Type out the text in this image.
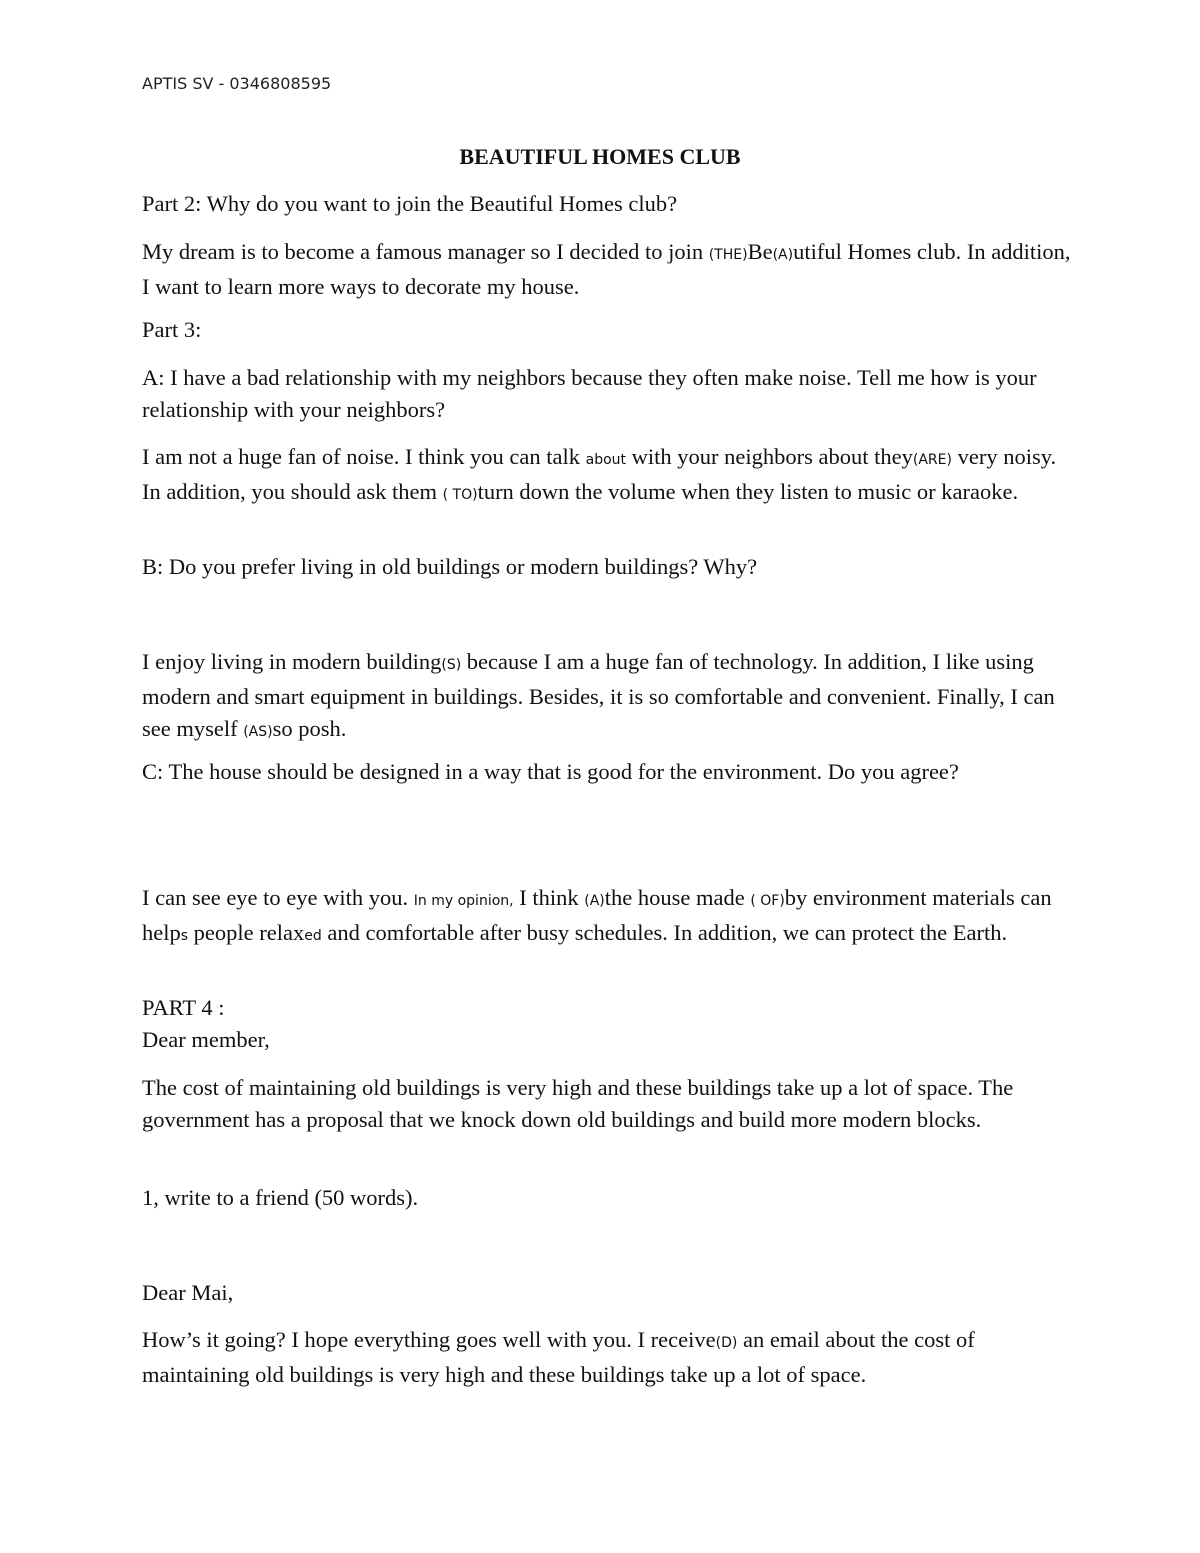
APTIS SV - 0346808595
BEAUTIFUL HOMES CLUB

Part 2: Why do you want to join the Beautiful Homes club?

My dream is to become a famous manager so I decided to join (THE)Be(A)utiful Homes club. In addition, I want to learn more ways to decorate my house.

Part 3:

A: I have a bad relationship with my neighbors because they often make noise. Tell me how is your relationship with your neighbors?

I am not a huge fan of noise. I think you can talk about with your neighbors about they(ARE) very noisy. In addition, you should ask them ( TO)turn down the volume when they listen to music or karaoke.

B: Do you prefer living in old buildings or modern buildings? Why?

I enjoy living in modern building(S) because I am a huge fan of technology. In addition, I like using modern and smart equipment in buildings. Besides, it is so comfortable and convenient. Finally, I can see myself (AS)so posh.

C: The house should be designed in a way that is good for the environment. Do you agree?

I can see eye to eye with you. In my opinion, I think (A)the house made ( OF)by environment materials can helps people relaxed and comfortable after busy schedules. In addition, we can protect the Earth.

PART 4 :

Dear member,

The cost of maintaining old buildings is very high and these buildings take up a lot of space. The government has a proposal that we knock down old buildings and build more modern blocks.

1, write to a friend (50 words).

Dear Mai,

How’s it going? I hope everything goes well with you. I receive(D) an email about the cost of maintaining old buildings is very high and these buildings take up a lot of space.
